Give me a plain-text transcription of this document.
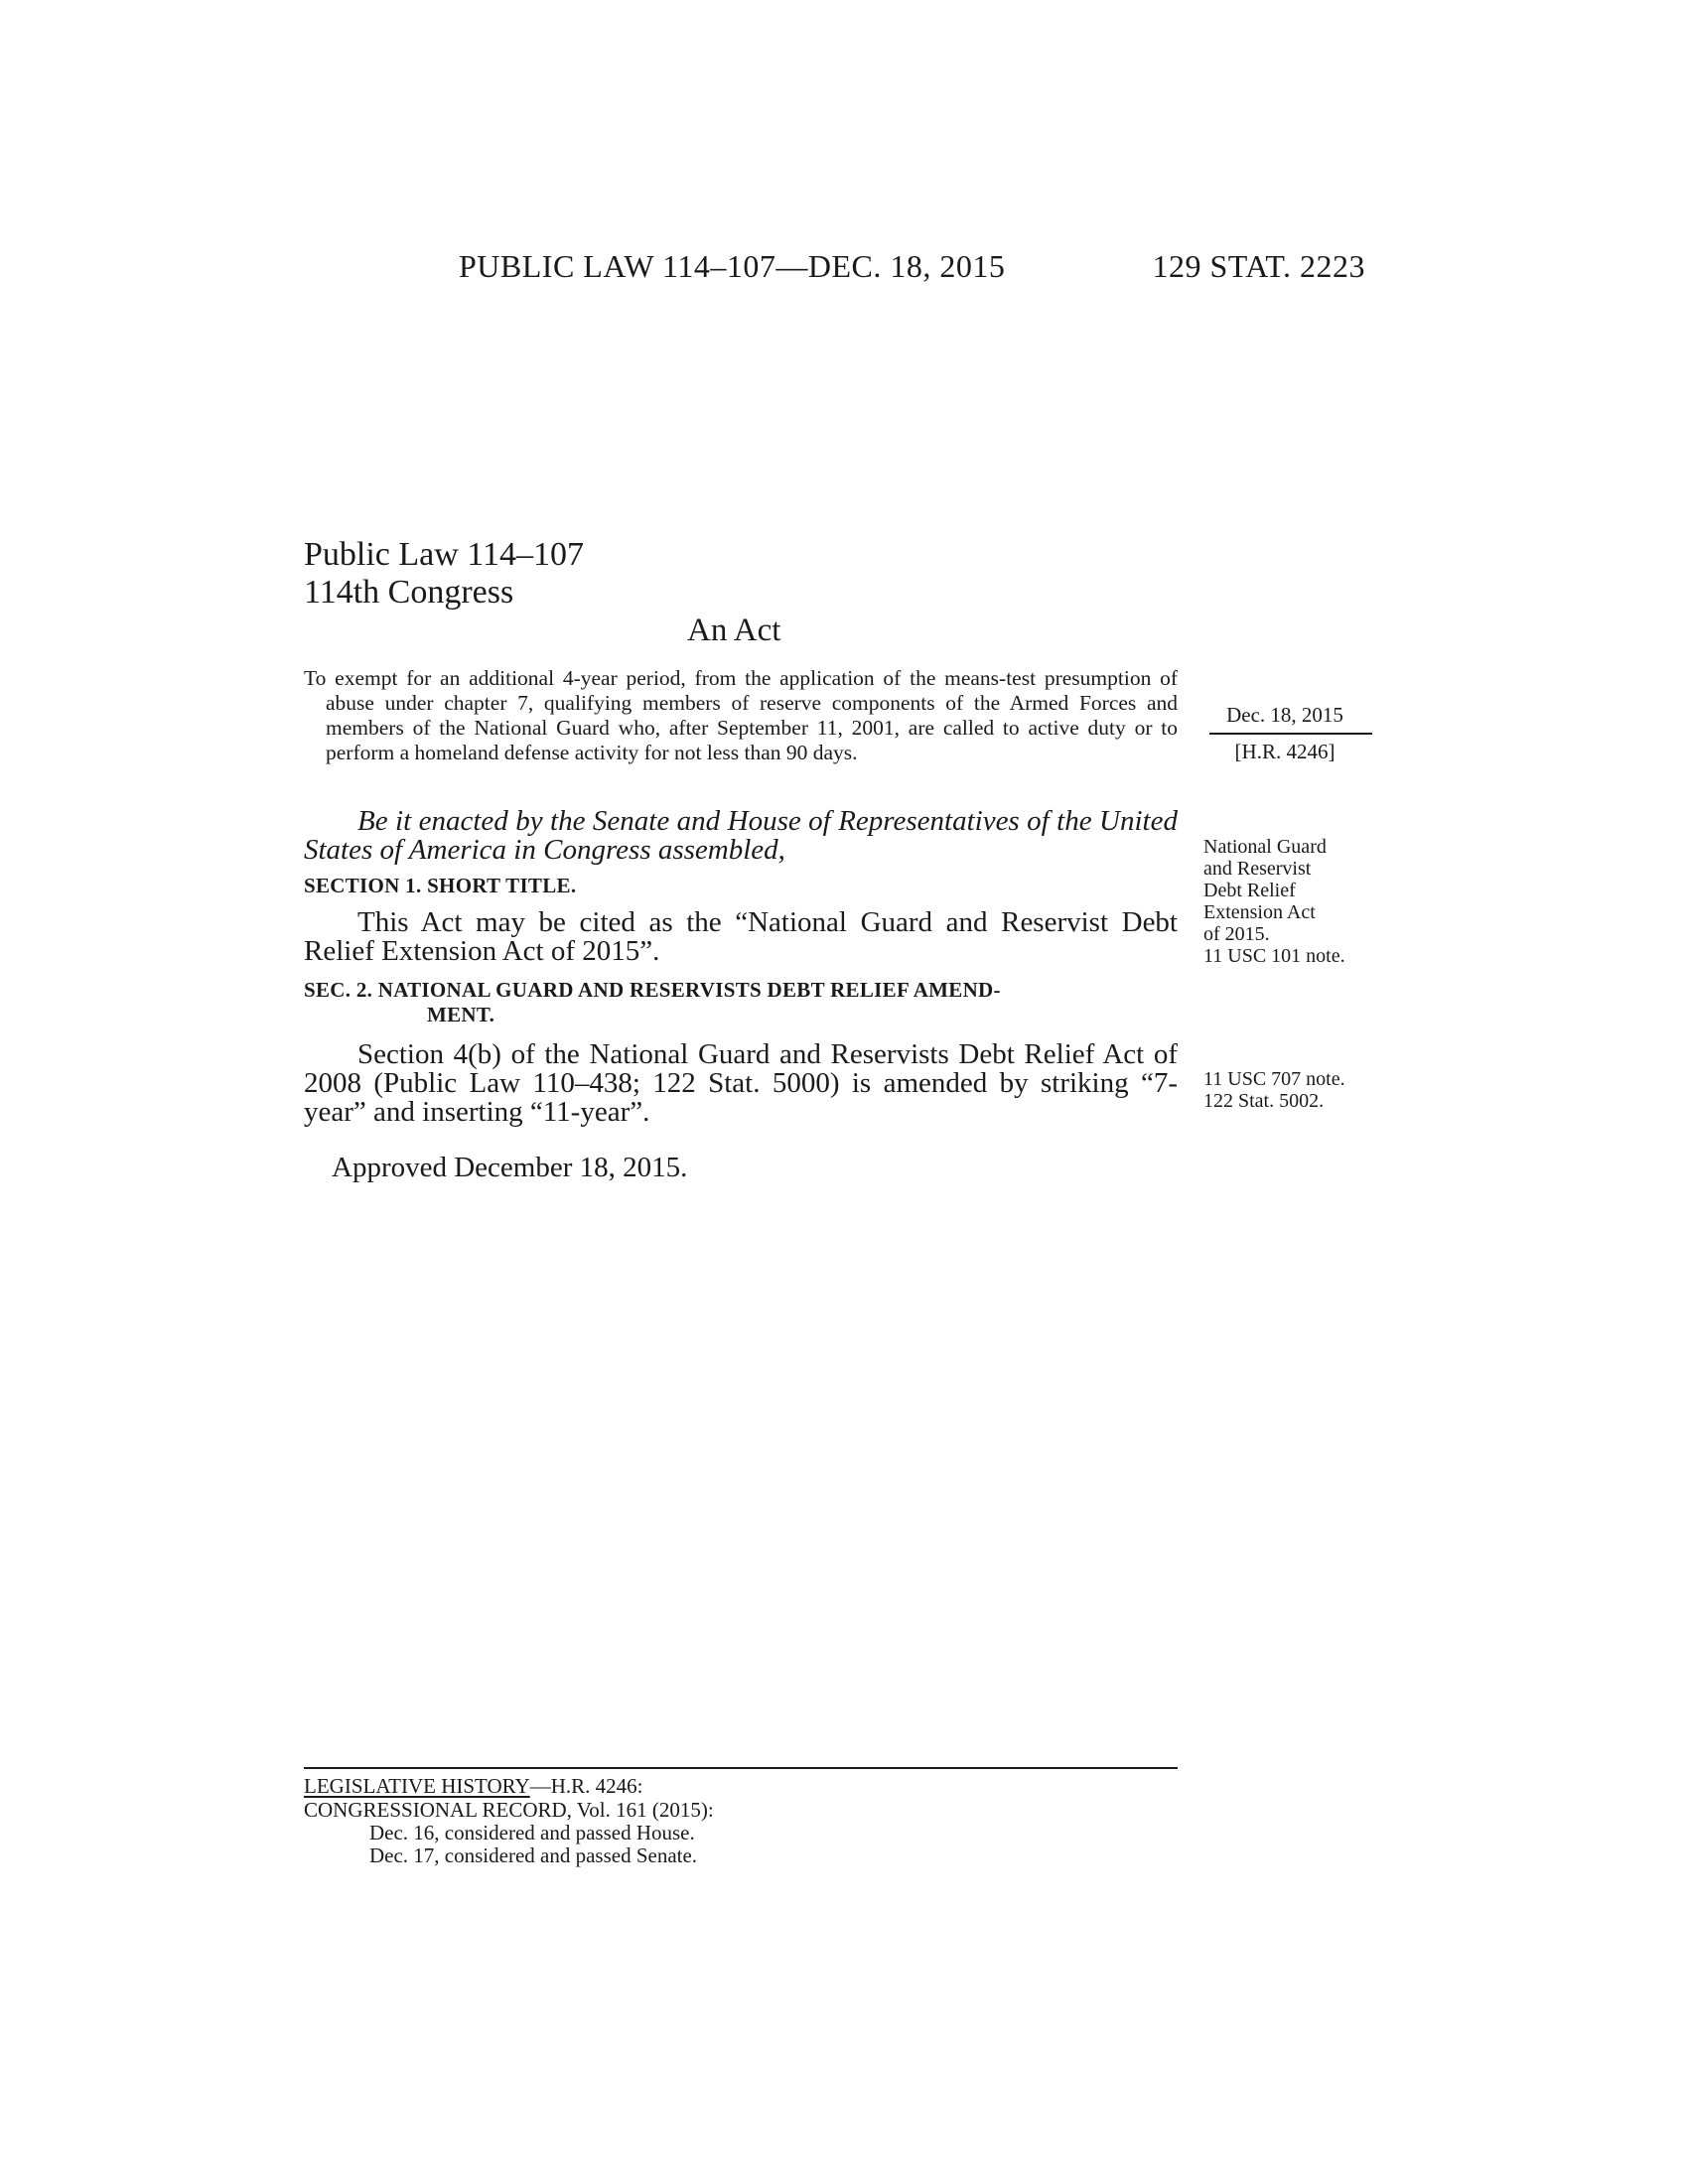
PUBLIC LAW 114–107—DEC. 18, 2015	129 STAT. 2223
Public Law 114–107
114th Congress
An Act
To exempt for an additional 4-year period, from the application of the means-test presumption of abuse under chapter 7, qualifying members of reserve components of the Armed Forces and members of the National Guard who, after September 11, 2001, are called to active duty or to perform a homeland defense activity for not less than 90 days.
Dec. 18, 2015
[H.R. 4246]

Be it enacted by the Senate and House of Representatives of the United States of America in Congress assembled,

SECTION 1. SHORT TITLE.

This Act may be cited as the “National Guard and Reservist Debt Relief Extension Act of 2015”.

SEC. 2. NATIONAL GUARD AND RESERVISTS DEBT RELIEF AMEND-
MENT.

Section 4(b) of the National Guard and Reservists Debt Relief Act of 2008 (Public Law 110–438; 122 Stat. 5000) is amended by striking “7-year” and inserting “11-year”.

Approved December 18, 2015.
National Guard
and Reservist
Debt Relief
Extension Act
of 2015.
11 USC 101 note.
11 USC 707 note.
122 Stat. 5002.
LEGISLATIVE HISTORY—H.R. 4246:
CONGRESSIONAL RECORD, Vol. 161 (2015):
Dec. 16, considered and passed House.
Dec. 17, considered and passed Senate.
